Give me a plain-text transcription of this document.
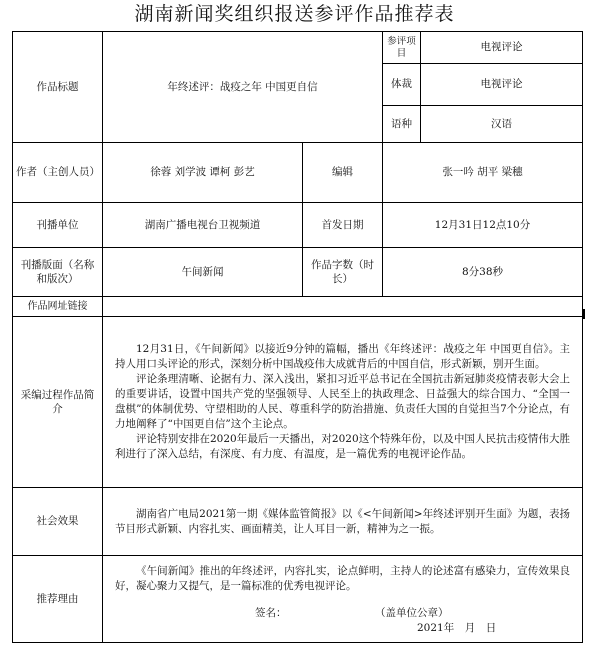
湖南新闻奖组织报送参评作品推荐表
作品标题	年终述评：战疫之年 中国更自信		参评项目	电视评论
			体裁	电视评论
			语种	汉语
作者（主创人员）	徐蓉 刘学波 谭柯 彭艺	编辑	张一吟 胡平 梁穗	
刊播单位	湖南广播电视台卫视频道	首发日期	12月31日12点10分	
刊播版面（名称和版次）	午间新闻	作品字数（时长）	8分38秒	
作品网址链接				
采编过程作品简介	12月31日，《午间新闻》以接近9分钟的篇幅，播出《年终述评：战疫之年 中国更自信》。主持人用口头评论的形式，深刻分析中国战疫伟大成就背后的中国自信，形式新颖，别开生面。

评论条理清晰、论据有力、深入浅出，紧扣习近平总书记在全国抗击新冠肺炎疫情表彰大会上的重要讲话，设置中国共产党的坚强领导、人民至上的执政理念、日益强大的综合国力、“全国一盘棋”的体制优势、守望相助的人民、尊重科学的防治措施、负责任大国的自觉担当7个分论点，有力地阐释了“中国更自信”这个主论点。

评论特别安排在2020年最后一天播出，对2020这个特殊年份，以及中国人民抗击疫情伟大胜利进行了深入总结，有深度、有力度、有温度，是一篇优秀的电视评论作品。			

社会效果	湖南省广电局2021第一期《媒体监管简报》以《<午间新闻>年终述评别开生面》为题，表扬节目形式新颖、内容扎实、画面精美，让人耳目一新，精神为之一振。			

推荐理由	《午间新闻》推出的年终述评，内容扎实，论点鲜明，主持人的论述富有感染力，宣传效果良好，凝心聚力又提气，是一篇标准的优秀电视评论。

签名： （盖单位公章）
2021年　月　日			
